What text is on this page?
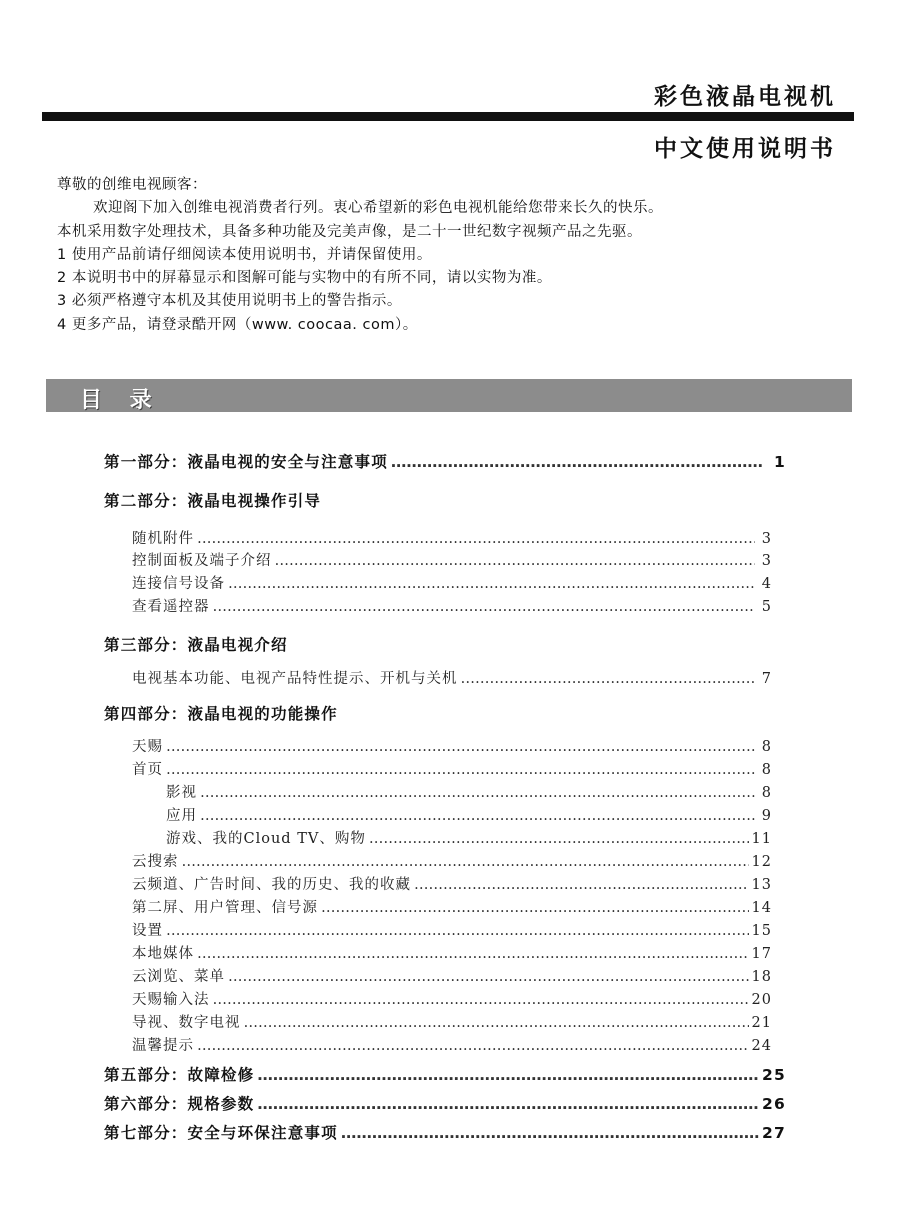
彩色液晶电视机
中文使用说明书
尊敬的创维电视顾客：
欢迎阁下加入创维电视消费者行列。衷心希望新的彩色电视机能给您带来长久的快乐。
本机采用数字处理技术，具备多种功能及完美声像，是二十一世纪数字视频产品之先驱。
1 使用产品前请仔细阅读本使用说明书，并请保留使用。
2 本说明书中的屏幕显示和图解可能与实物中的有所不同，请以实物为准。
3 必须严格遵守本机及其使用说明书上的警告指示。
4 更多产品，请登录酷开网（www. coocaa. com）。
目 录
第一部分：液晶电视的安全与注意事项 ………………………………………………………………………………………………………………………………………………………………………………………………	1
第二部分：液晶电视操作引导
随机附件 ………………………………………………………………………………………………………………………………………………………………………………………………	3
控制面板及端子介绍 ………………………………………………………………………………………………………………………………………………………………………………………………	3
连接信号设备 ………………………………………………………………………………………………………………………………………………………………………………………………	4
查看遥控器 ………………………………………………………………………………………………………………………………………………………………………………………………	5
第三部分：液晶电视介绍
电视基本功能、电视产品特性提示、开机与关机 ………………………………………………………………………………………………………………………………………………………………………………………………	7
第四部分：液晶电视的功能操作
天赐 ………………………………………………………………………………………………………………………………………………………………………………………………	8
首页 ………………………………………………………………………………………………………………………………………………………………………………………………	8
影视 ………………………………………………………………………………………………………………………………………………………………………………………………	8
应用 ………………………………………………………………………………………………………………………………………………………………………………………………	9
游戏、我的Cloud TV、购物 ………………………………………………………………………………………………………………………………………………………………………………………………	11
云搜索 ………………………………………………………………………………………………………………………………………………………………………………………………	12
云频道、广告时间、我的历史、我的收藏 ………………………………………………………………………………………………………………………………………………………………………………………………	13
第二屏、用户管理、信号源 ………………………………………………………………………………………………………………………………………………………………………………………………	14
设置 ………………………………………………………………………………………………………………………………………………………………………………………………	15
本地媒体 ………………………………………………………………………………………………………………………………………………………………………………………………	17
云浏览、菜单 ………………………………………………………………………………………………………………………………………………………………………………………………	18
天赐输入法 ………………………………………………………………………………………………………………………………………………………………………………………………	20
导视、数字电视 ………………………………………………………………………………………………………………………………………………………………………………………………	21
温馨提示 ………………………………………………………………………………………………………………………………………………………………………………………………	24
第五部分：故障检修 ………………………………………………………………………………………………………………………………………………………………………………………………	25
第六部分：规格参数 ………………………………………………………………………………………………………………………………………………………………………………………………	26
第七部分：安全与环保注意事项 ………………………………………………………………………………………………………………………………………………………………………………………………	27
